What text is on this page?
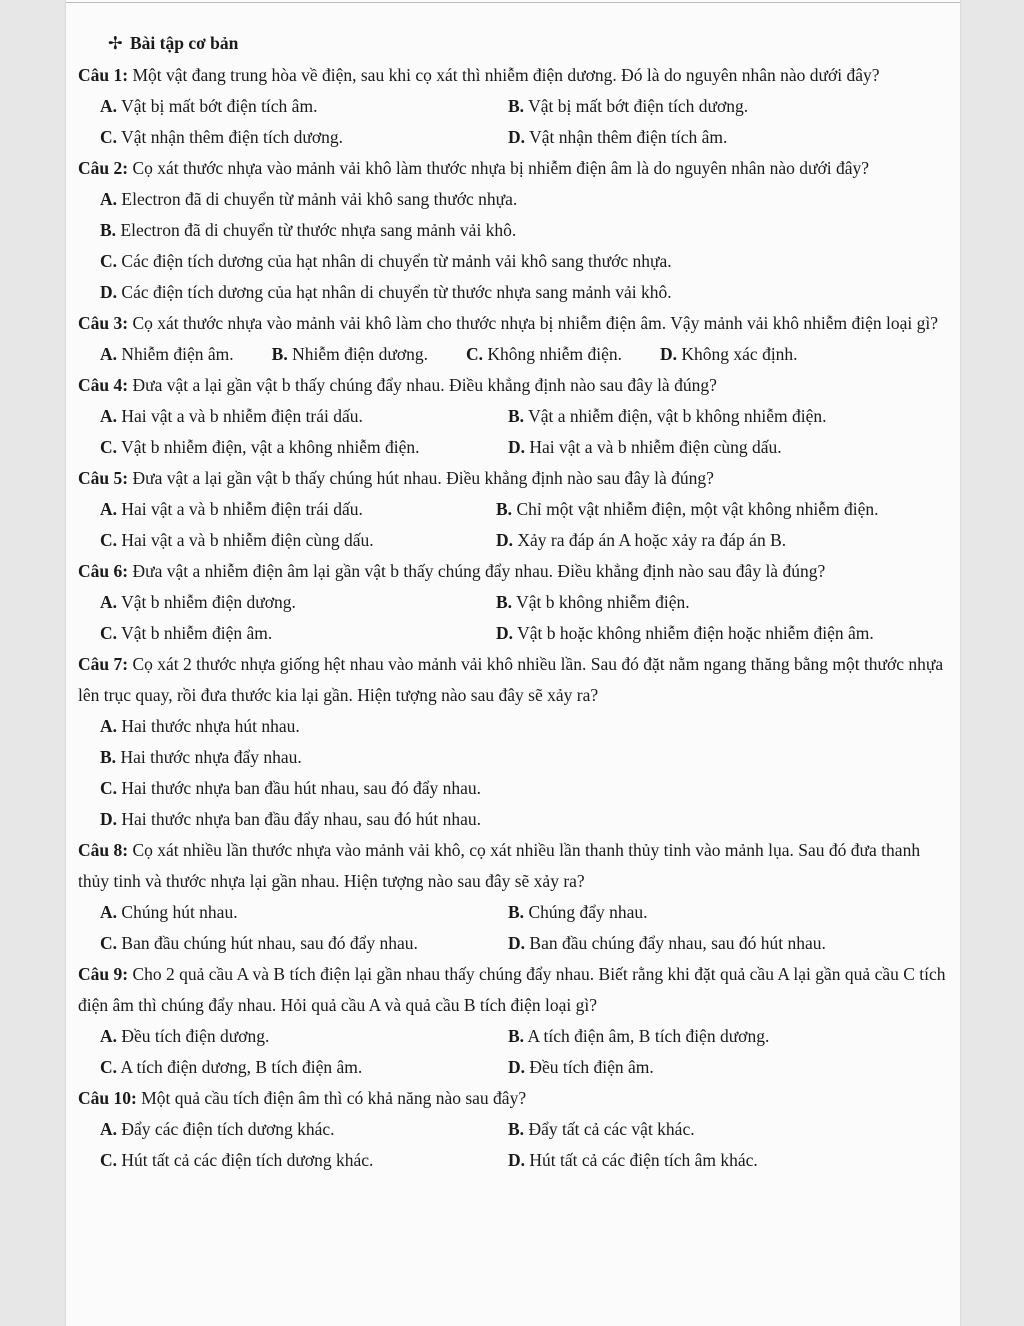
✢ Bài tập cơ bản

Câu 1: Một vật đang trung hòa về điện, sau khi cọ xát thì nhiễm điện dương. Đó là do nguyên nhân nào dưới đây?

A. Vật bị mất bớt điện tích âm.	B. Vật bị mất bớt điện tích dương.
C. Vật nhận thêm điện tích dương.	D. Vật nhận thêm điện tích âm.

Câu 2: Cọ xát thước nhựa vào mảnh vải khô làm thước nhựa bị nhiễm điện âm là do nguyên nhân nào dưới đây?

A. Electron đã di chuyển từ mảnh vải khô sang thước nhựa.
B. Electron đã di chuyển từ thước nhựa sang mảnh vải khô.
C. Các điện tích dương của hạt nhân di chuyển từ mảnh vải khô sang thước nhựa.
D. Các điện tích dương của hạt nhân di chuyển từ thước nhựa sang mảnh vải khô.

Câu 3: Cọ xát thước nhựa vào mảnh vải khô làm cho thước nhựa bị nhiễm điện âm. Vậy mảnh vải khô nhiễm điện loại gì?

A. Nhiễm điện âm. B. Nhiễm điện dương. C. Không nhiễm điện. D. Không xác định.

Câu 4: Đưa vật a lại gần vật b thấy chúng đẩy nhau. Điều khẳng định nào sau đây là đúng?

A. Hai vật a và b nhiễm điện trái dấu.	B. Vật a nhiễm điện, vật b không nhiễm điện.
C. Vật b nhiễm điện, vật a không nhiễm điện.	D. Hai vật a và b nhiễm điện cùng dấu.

Câu 5: Đưa vật a lại gần vật b thấy chúng hút nhau. Điều khẳng định nào sau đây là đúng?

A. Hai vật a và b nhiễm điện trái dấu.	B. Chỉ một vật nhiễm điện, một vật không nhiễm điện.
C. Hai vật a và b nhiễm điện cùng dấu.	D. Xảy ra đáp án A hoặc xảy ra đáp án B.

Câu 6: Đưa vật a nhiễm điện âm lại gần vật b thấy chúng đẩy nhau. Điều khẳng định nào sau đây là đúng?

A. Vật b nhiễm điện dương.	B. Vật b không nhiễm điện.
C. Vật b nhiễm điện âm.	D. Vật b hoặc không nhiễm điện hoặc nhiễm điện âm.

Câu 7: Cọ xát 2 thước nhựa giống hệt nhau vào mảnh vải khô nhiều lần. Sau đó đặt nằm ngang thăng bằng một thước nhựa lên trục quay, rồi đưa thước kia lại gần. Hiện tượng nào sau đây sẽ xảy ra?

A. Hai thước nhựa hút nhau.
B. Hai thước nhựa đẩy nhau.
C. Hai thước nhựa ban đầu hút nhau, sau đó đẩy nhau.
D. Hai thước nhựa ban đầu đẩy nhau, sau đó hút nhau.

Câu 8: Cọ xát nhiều lần thước nhựa vào mảnh vải khô, cọ xát nhiều lần thanh thủy tinh vào mảnh lụa. Sau đó đưa thanh thủy tinh và thước nhựa lại gần nhau. Hiện tượng nào sau đây sẽ xảy ra?

A. Chúng hút nhau.	B. Chúng đẩy nhau.
C. Ban đầu chúng hút nhau, sau đó đẩy nhau.	D. Ban đầu chúng đẩy nhau, sau đó hút nhau.

Câu 9: Cho 2 quả cầu A và B tích điện lại gần nhau thấy chúng đẩy nhau. Biết rằng khi đặt quả cầu A lại gần quả cầu C tích điện âm thì chúng đẩy nhau. Hỏi quả cầu A và quả cầu B tích điện loại gì?

A. Đều tích điện dương.	B. A tích điện âm, B tích điện dương.
C. A tích điện dương, B tích điện âm.	D. Đều tích điện âm.

Câu 10: Một quả cầu tích điện âm thì có khả năng nào sau đây?

A. Đẩy các điện tích dương khác.	B. Đẩy tất cả các vật khác.
C. Hút tất cả các điện tích dương khác.	D. Hút tất cả các điện tích âm khác.
